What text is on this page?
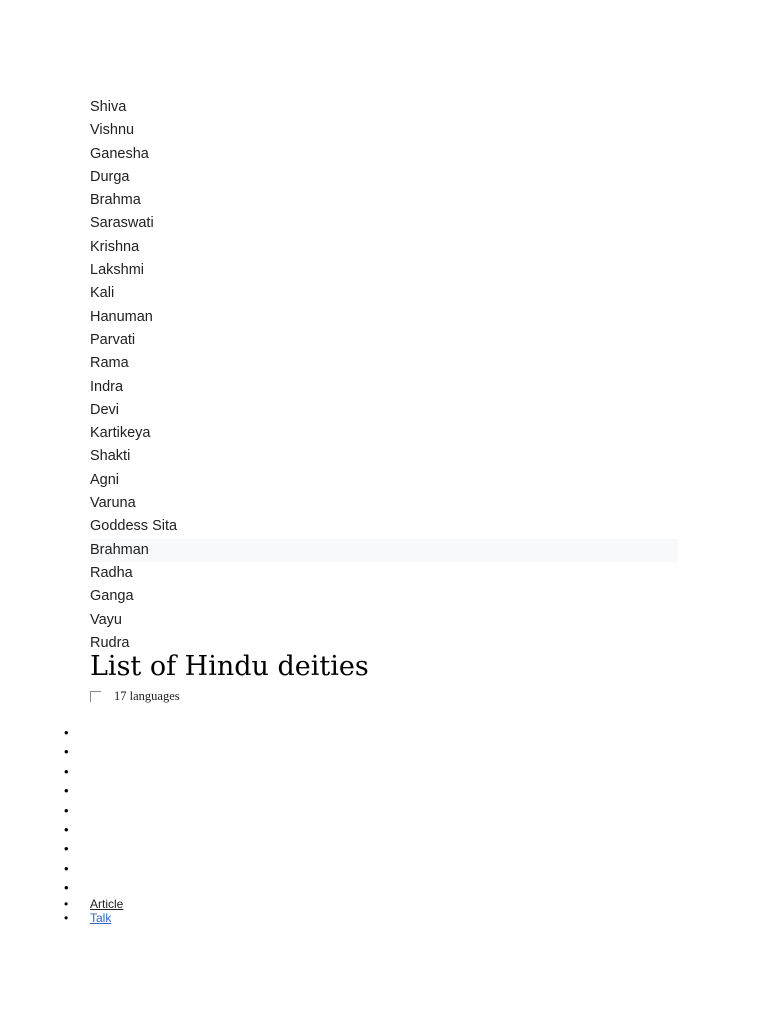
Shiva
Vishnu
Ganesha
Durga
Brahma
Saraswati
Krishna
Lakshmi
Kali
Hanuman
Parvati
Rama
Indra
Devi
Kartikeya
Shakti
Agni
Varuna
Goddess Sita
Brahman
Radha
Ganga
Vayu
Rudra
List of Hindu deities
17 languages
•
•
•
•
•
•
•
•
•
• Article
• Talk
